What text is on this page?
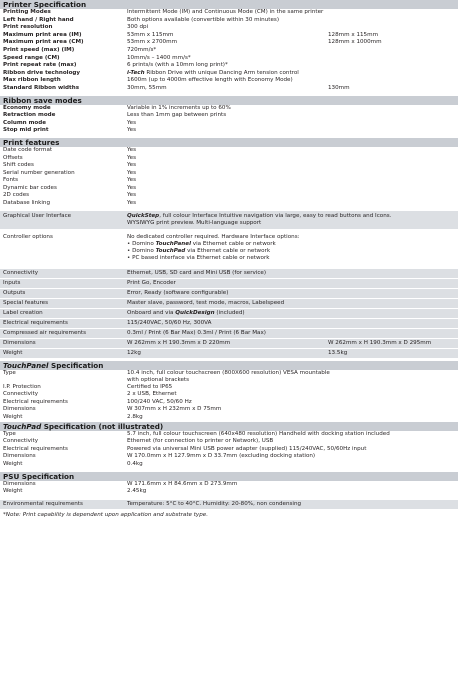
Printer Specification
Printing Modes	Intermittent Mode (IM) and Continuous Mode (CM) in the same printer
Left hand / Right hand	Both options available (convertible within 30 minutes)
Print resolution	300 dpi
Maximum print area (IM)	53mm x 115mm	128mm x 115mm
Maximum print area (CM)	53mm x 2700mm	128mm x 1000mm
Print speed (max) (IM)	720mm/s*
Speed range (CM)	10mm/s – 1400 mm/s*
Print repeat rate (max)	6 prints/s (with a 10mm long print)*
Ribbon drive technology	i-Tech Ribbon Drive with unique Dancing Arm tension control
Max ribbon length	1600m (up to 4000m effective length with Economy Mode)
Standard Ribbon widths	30mm, 55mm	130mm
Ribbon save modes
Economy mode	Variable in 1% increments up to 60%
Retraction mode	Less than 1mm gap between prints
Column mode	Yes
Stop mid print	Yes
Print features
Date code format	Yes
Offsets	Yes
Shift codes	Yes
Serial number generation	Yes
Fonts	Yes
Dynamic bar codes	Yes
2D codes	Yes
Database linking	Yes
Graphical User Interface	QuickStep, full colour Interface Intuitive navigation via large, easy to read buttons and Icons.
WYSIWYG print preview. Multi-language support
Controller options	No dedicated controller required. Hardware Interface options:
• Domino TouchPanel via Ethernet cable or network
• Domino TouchPad via Ethernet cable or network
• PC based interface via Ethernet cable or network
Connectivity	Ethernet, USB, SD card and Mini USB (for service)
Inputs	Print Go, Encoder
Outputs	Error, Ready (software configurable)
Special features	Master slave, password, test mode, macros, Labelspeed
Label creation	Onboard and via QuickDesign (included)
Electrical requirements	115/240VAC, 50/60 Hz, 300VA
Compressed air requirements	0.3ml / Print (6 Bar Max) 0.3ml / Print (6 Bar Max)
Dimensions	W 262mm x H 190.3mm x D 220mm	W 262mm x H 190.3mm x D 295mm
Weight	12kg	13.5kg
TouchPanel Specification
Type	10.4 inch, full colour touchscreen (800X600 resolution) VESA mountable
with optional brackets
I.P. Protection	Certified to IP65
Connectivity	2 x USB, Ethernet
Electrical requirements	100/240 VAC, 50/60 Hz
Dimensions	W 307mm x H 232mm x D 75mm
Weight	2.8kg
TouchPad Specification (not illustrated)
Type	5.7 inch, full colour touchscreen (640x480 resolution) Handheld with docking station included
Connectivity	Ethernet (for connection to printer or Network), USB
Electrical requirements	Powered via universal Mini USB power adapter (supplied) 115/240VAC, 50/60Hz input
Dimensions	W 170.0mm x H 127.9mm x D 33.7mm (excluding docking station)
Weight	0.4kg
PSU Specification
Dimensions	W 171.6mm x H 84.6mm x D 273.9mm
Weight	2.45kg
Environmental requirements	Temperature: 5°C to 40°C. Humidity: 20-80%, non condensing
*Note: Print capability is dependent upon application and substrate type.
